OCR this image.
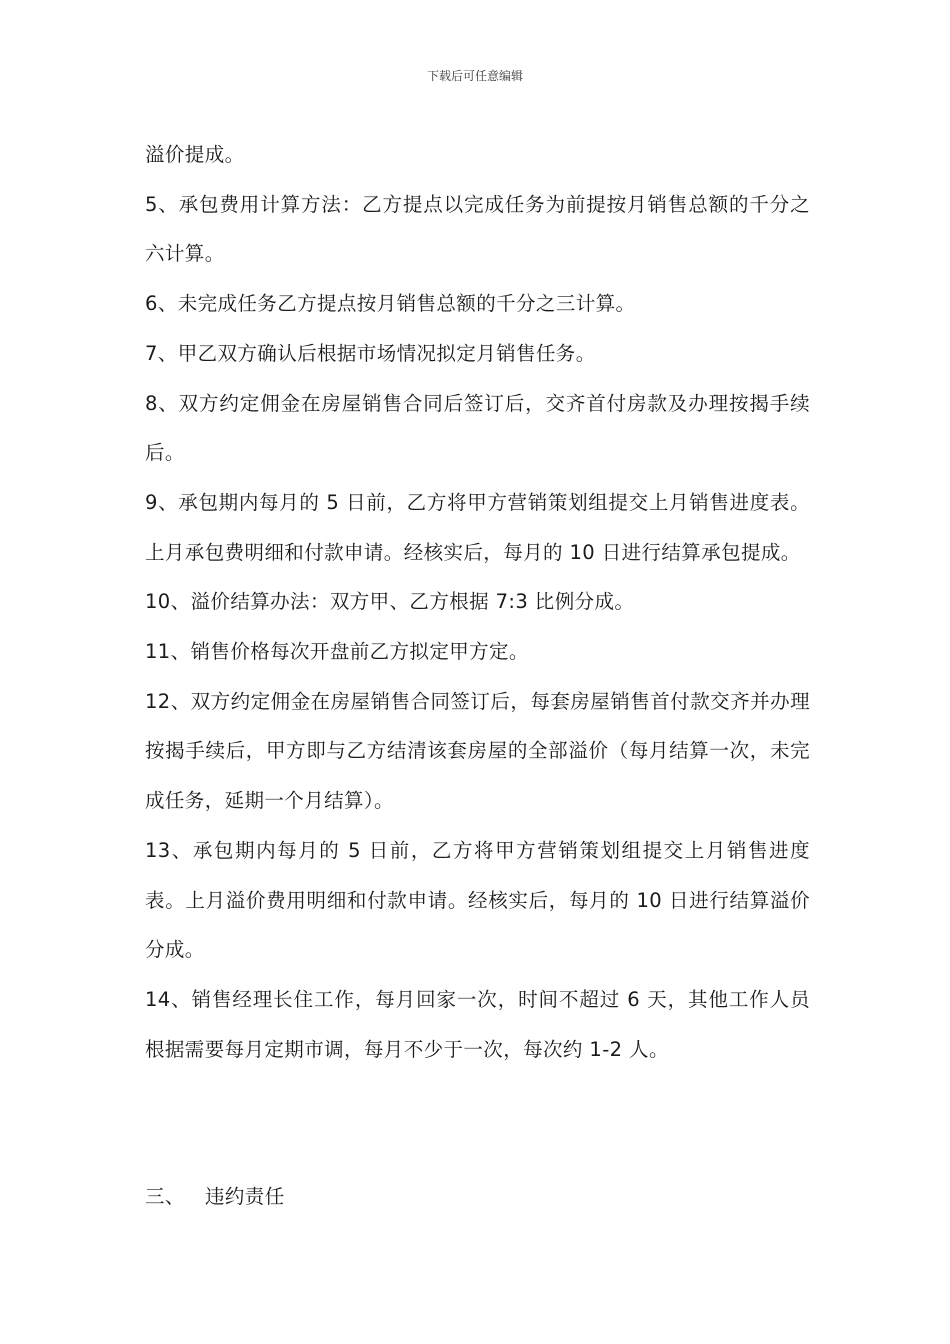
下载后可任意编辑

溢价提成。

5、承包费用计算方法：乙方提点以完成任务为前提按月销售总额的千分之六计算。

6、未完成任务乙方提点按月销售总额的千分之三计算。

7、甲乙双方确认后根据市场情况拟定月销售任务。

8、双方约定佣金在房屋销售合同后签订后，交齐首付房款及办理按揭手续后。

9、承包期内每月的 5 日前，乙方将甲方营销策划组提交上月销售进度表。上月承包费明细和付款申请。经核实后，每月的 10 日进行结算承包提成。

10、溢价结算办法：双方甲、乙方根据 7:3 比例分成。

11、销售价格每次开盘前乙方拟定甲方定。

12、双方约定佣金在房屋销售合同签订后，每套房屋销售首付款交齐并办理按揭手续后，甲方即与乙方结清该套房屋的全部溢价（每月结算一次，未完成任务，延期一个月结算）。

13、承包期内每月的 5 日前，乙方将甲方营销策划组提交上月销售进度表。上月溢价费用明细和付款申请。经核实后，每月的 10 日进行结算溢价分成。

14、销售经理长住工作，每月回家一次，时间不超过 6 天，其他工作人员根据需要每月定期市调，每月不少于一次，每次约 1-2 人。

三、 违约责任
